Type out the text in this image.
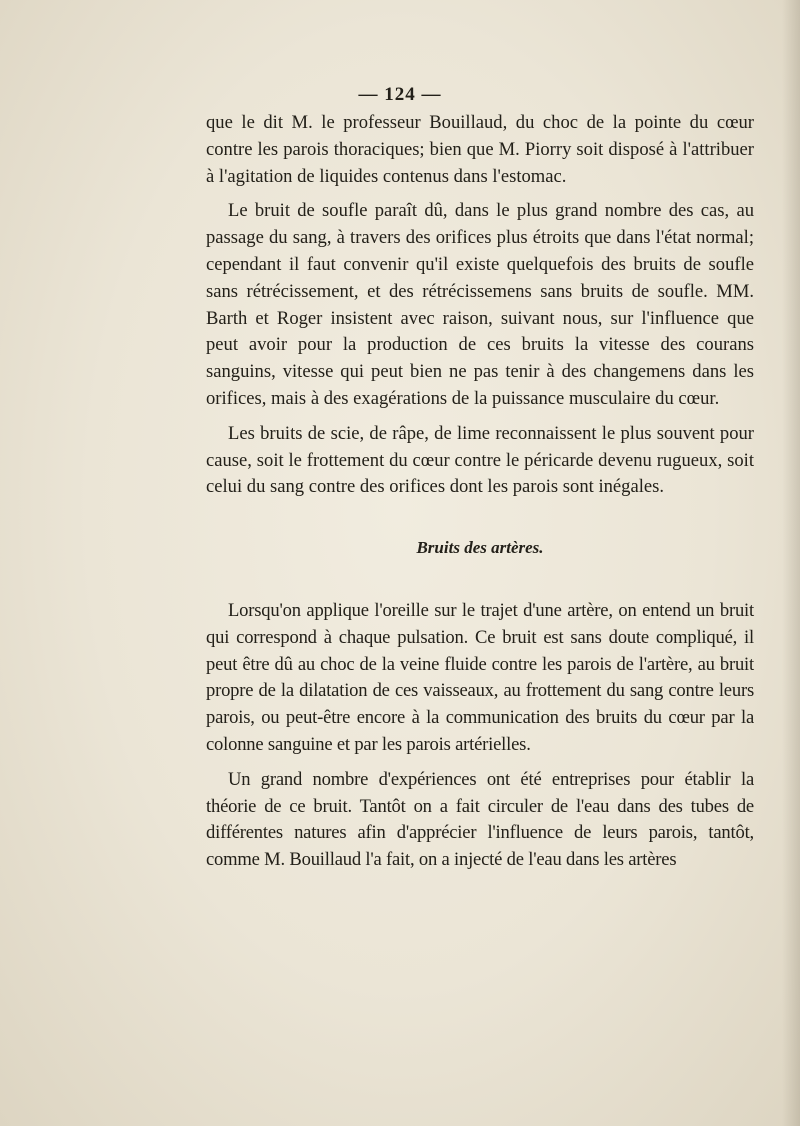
— 124 —

que le dit M. le professeur Bouillaud, du choc de la pointe du cœur contre les parois thoraciques; bien que M. Piorry soit disposé à l'attribuer à l'agitation de liquides contenus dans l'estomac.

Le bruit de soufle paraît dû, dans le plus grand nombre des cas, au passage du sang, à travers des orifices plus étroits que dans l'état normal; cependant il faut convenir qu'il existe quelquefois des bruits de soufle sans rétrécissement, et des rétrécissemens sans bruits de soufle. MM. Barth et Roger insistent avec raison, suivant nous, sur l'influence que peut avoir pour la production de ces bruits la vitesse des courans sanguins, vitesse qui peut bien ne pas tenir à des changemens dans les orifices, mais à des exagérations de la puissance musculaire du cœur.

Les bruits de scie, de râpe, de lime reconnaissent le plus souvent pour cause, soit le frottement du cœur contre le péricarde devenu rugueux, soit celui du sang contre des orifices dont les parois sont inégales.

Bruits des artères.

Lorsqu'on applique l'oreille sur le trajet d'une artère, on entend un bruit qui correspond à chaque pulsation. Ce bruit est sans doute compliqué, il peut être dû au choc de la veine fluide contre les parois de l'artère, au bruit propre de la dilatation de ces vaisseaux, au frottement du sang contre leurs parois, ou peut-être encore à la communication des bruits du cœur par la colonne sanguine et par les parois artérielles.

Un grand nombre d'expériences ont été entreprises pour établir la théorie de ce bruit. Tantôt on a fait circuler de l'eau dans des tubes de différentes natures afin d'apprécier l'influence de leurs parois, tantôt, comme M. Bouillaud l'a fait, on a injecté de l'eau dans les artères
